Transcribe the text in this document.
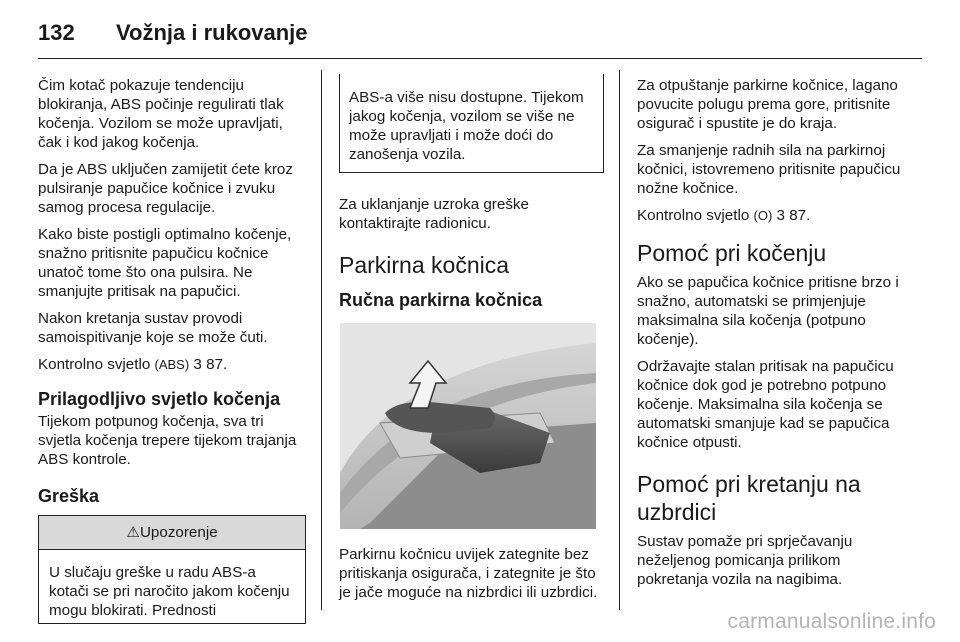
132 Vožnja i rukovanje

Čim kotač pokazuje tendenciju blokiranja, ABS počinje regulirati tlak kočenja. Vozilom se može upravljati, čak i kod jakog kočenja.

Da je ABS uključen zamijetit ćete kroz pulsiranje papučice kočnice i zvuku samog procesa regulacije.

Kako biste postigli optimalno kočenje, snažno pritisnite papučicu kočnice unatoč tome što ona pulsira. Ne smanjujte pritisak na papučici.

Nakon kretanja sustav provodi samoispitivanje koje se može čuti.

Kontrolno svjetlo (ABS) 3 87.

Prilagodljivo svjetlo kočenja

Tijekom potpunog kočenja, sva tri svjetla kočenja trepere tijekom trajanja ABS kontrole.

Greška
⚠Upozorenje
U slučaju greške u radu ABS-a kotači se pri naročito jakom kočenju mogu blokirati. Prednosti
ABS-a više nisu dostupne. Tijekom jakog kočenja, vozilom se više ne može upravljati i može doći do zanošenja vozila.

Za uklanjanje uzroka greške kontaktirajte radionicu.

Parkirna kočnica
Ručna parkirna kočnica

Parkirnu kočnicu uvijek zategnite bez pritiskanja osigurača, i zategnite je što je jače moguće na nizbrdici ili uzbrdici.

Za otpuštanje parkirne kočnice, lagano povucite polugu prema gore, pritisnite osigurač i spustite je do kraja.

Za smanjenje radnih sila na parkirnoj kočnici, istovremeno pritisnite papučicu nožne kočnice.

Kontrolno svjetlo (O) 3 87.

Pomoć pri kočenju

Ako se papučica kočnice pritisne brzo i snažno, automatski se primjenjuje maksimalna sila kočenja (potpuno kočenje).

Održavajte stalan pritisak na papučicu kočnice dok god je potrebno potpuno kočenje. Maksimalna sila kočenja se automatski smanjuje kad se papučica kočnice otpusti.

Pomoć pri kretanju na uzbrdici

Sustav pomaže pri sprječavanju neželjenog pomicanja prilikom pokretanja vozila na nagibima.

carmanualsonline.info
